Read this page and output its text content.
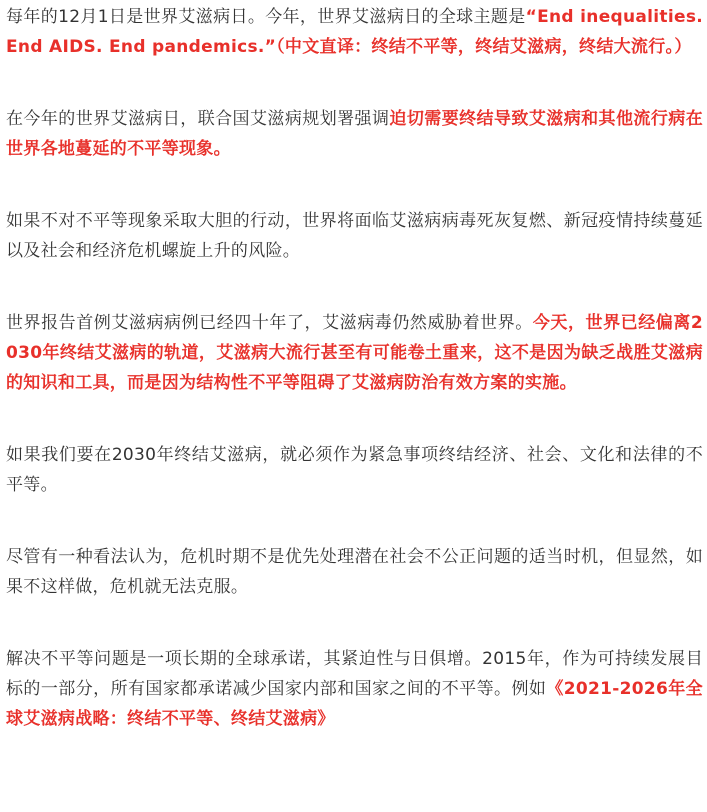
每年的12月1日是世界艾滋病日。今年，世界艾滋病日的全球主题是“End inequalities. End AIDS. End pandemics.”（中文直译：终结不平等，终结艾滋病，终结大流行。）

在今年的世界艾滋病日，联合国艾滋病规划署强调迫切需要终结导致艾滋病和其他流行病在世界各地蔓延的不平等现象。

如果不对不平等现象采取大胆的行动，世界将面临艾滋病病毒死灰复燃、新冠疫情持续蔓延以及社会和经济危机螺旋上升的风险。

世界报告首例艾滋病病例已经四十年了，艾滋病毒仍然威胁着世界。今天，世界已经偏离2030年终结艾滋病的轨道，艾滋病大流行甚至有可能卷土重来，这不是因为缺乏战胜艾滋病的知识和工具，而是因为结构性不平等阻碍了艾滋病防治有效方案的实施。

如果我们要在2030年终结艾滋病，就必须作为紧急事项终结经济、社会、文化和法律的不平等。

尽管有一种看法认为，危机时期不是优先处理潜在社会不公正问题的适当时机，但显然，如果不这样做，危机就无法克服。

解决不平等问题是一项长期的全球承诺，其紧迫性与日俱增。2015年，作为可持续发展目标的一部分，所有国家都承诺减少国家内部和国家之间的不平等。例如《2021-2026年全球艾滋病战略：终结不平等、终结艾滋病》
